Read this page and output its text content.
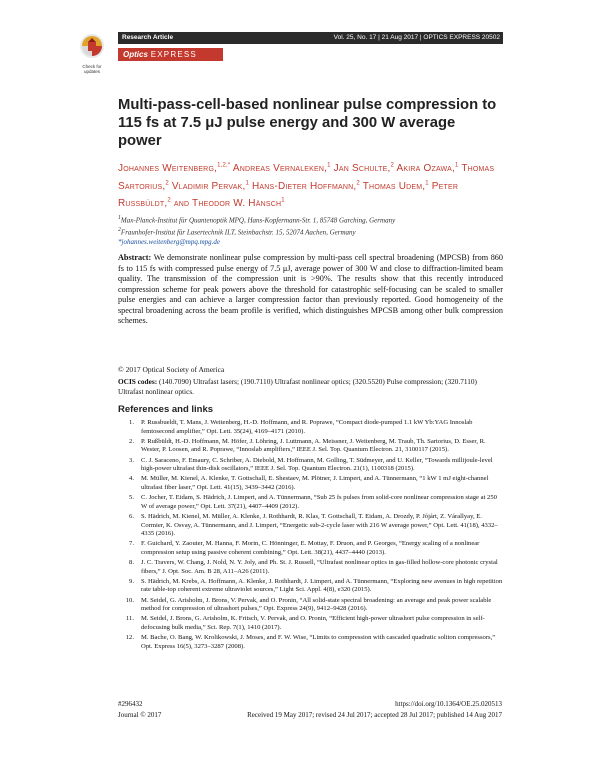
Check for updates
Research Article	Vol. 25, No. 17 | 21 Aug 2017 | OPTICS EXPRESS 20502
Optics EXPRESS
Multi-pass-cell-based nonlinear pulse compression to 115 fs at 7.5 μJ pulse energy and 300 W average power
Johannes Weitenberg,$^{1,2,*}$ Andreas Vernaleken,$^1$ Jan Schulte,$^2$ Akira Ozawa,$^1$ Thomas Sartorius,$^2$ Vladimir Pervak,$^1$ Hans-Dieter Hoffmann,$^2$ Thomas Udem,$^1$ Peter Russbüldt,$^2$ and Theodor W. Hänsch$^1$
$^1$Max-Planck-Institut für Quantenoptik MPQ, Hans-Kopfermann-Str. 1, 85748 Garching, Germany
$^2$Fraunhofer-Institut für Lasertechnik ILT, Steinbachstr. 15, 52074 Aachen, Germany
*johannes.weitenberg@mpq.mpg.de
Abstract: We demonstrate nonlinear pulse compression by multi-pass cell spectral broadening (MPCSB) from 860 fs to 115 fs with compressed pulse energy of 7.5 μJ, average power of 300 W and close to diffraction-limited beam quality. The transmission of the compression unit is >90%. The results show that this recently introduced compression scheme for peak powers above the threshold for catastrophic self-focusing can be scaled to smaller pulse energies and can achieve a larger compression factor than previously reported. Good homogeneity of the spectral broadening across the beam profile is verified, which distinguishes MPCSB among other bulk compression schemes.
© 2017 Optical Society of America
OCIS codes: (140.7090) Ultrafast lasers; (190.7110) Ultrafast nonlinear optics; (320.5520) Pulse compression; (320.7110) Ultrafast nonlinear optics.
References and links
1.	P. Russbueldt, T. Mans, J. Weitenberg, H.-D. Hoffmann, and R. Poprawe, “Compact diode-pumped 1.1 kW Yb:YAG Innoslab femtosecond amplifier,” Opt. Lett. 35(24), 4169–4171 (2010).
2.	P. Rußbüldt, H.-D. Hoffmann, M. Höfer, J. Löhring, J. Luttmann, A. Meissner, J. Weitenberg, M. Traub, Th. Sartorius, D. Esser, R. Wester, P. Loosen, and R. Poprawe, “Innoslab amplifiers,” IEEE J. Sel. Top. Quantum Electron. 21, 3100117 (2015).
3.	C. J. Saraceno, F. Emaury, C. Schriber, A. Diebold, M. Hoffmann, M. Golling, T. Südmeyer, and U. Keller, “Towards millijoule-level high-power ultrafast thin-disk oscillators,” IEEE J. Sel. Top. Quantum Electron. 21(1), 1100318 (2015).
4.	M. Müller, M. Kienel, A. Klenke, T. Gottschall, E. Shestaev, M. Plötner, J. Limpert, and A. Tünnermann, “1 kW 1 mJ eight-channel ultrafast fiber laser,” Opt. Lett. 41(15), 3439–3442 (2016).
5.	C. Jocher, T. Eidam, S. Hädrich, J. Limpert, and A. Tünnermann, “Sub 25 fs pulses from solid-core nonlinear compression stage at 250 W of average power,” Opt. Lett. 37(21), 4407–4409 (2012).
6.	S. Hädrich, M. Kienel, M. Müller, A. Klenke, J. Rothhardt, R. Klas, T. Gottschall, T. Eidam, A. Drozdy, P. Jójárt, Z. Várallyay, E. Cormier, K. Osvay, A. Tünnermann, and J. Limpert, “Energetic sub-2-cycle laser with 216 W average power,” Opt. Lett. 41(18), 4332–4335 (2016).
7.	F. Guichard, Y. Zaouter, M. Hanna, F. Morin, C. Hönninger, E. Mottay, F. Druon, and P. Georges, “Energy scaling of a nonlinear compression setup using passive coherent combining,” Opt. Lett. 38(21), 4437–4440 (2013).
8.	J. C. Travers, W. Chang, J. Nold, N. Y. Joly, and Ph. St. J. Russell, “Ultrafast nonlinear optics in gas-filled hollow-core photonic crystal fibers,” J. Opt. Soc. Am. B 28, A11–A26 (2011).
9.	S. Hädrich, M. Krebs, A. Hoffmann, A. Klenke, J. Rothhardt, J. Limpert, and A. Tünnermann, “Exploring new avenues in high repetition rate table-top coherent extreme ultraviolet sources,” Light Sci. Appl. 4(8), e320 (2015).
10.	M. Seidel, G. Arisholm, J. Brons, V. Pervak, and O. Pronin, “All solid-state spectral broadening: an average and peak power scalable method for compression of ultrashort pulses,” Opt. Express 24(9), 9412–9428 (2016).
11.	M. Seidel, J. Brons, G. Arisholm, K. Fritsch, V. Pervak, and O. Pronin, “Efficient high-power ultrashort pulse compression in self-defocusing bulk media,” Sci. Rep. 7(1), 1410 (2017).
12.	M. Bache, O. Bang, W. Krolikowski, J. Moses, and F. W. Wise, “Limits to compression with cascaded quadratic soliton compressors,” Opt. Express 16(5), 3273–3287 (2008).
#296432
Journal © 2017
https://doi.org/10.1364/OE.25.020513
Received 19 May 2017; revised 24 Jul 2017; accepted 28 Jul 2017; published 14 Aug 2017
